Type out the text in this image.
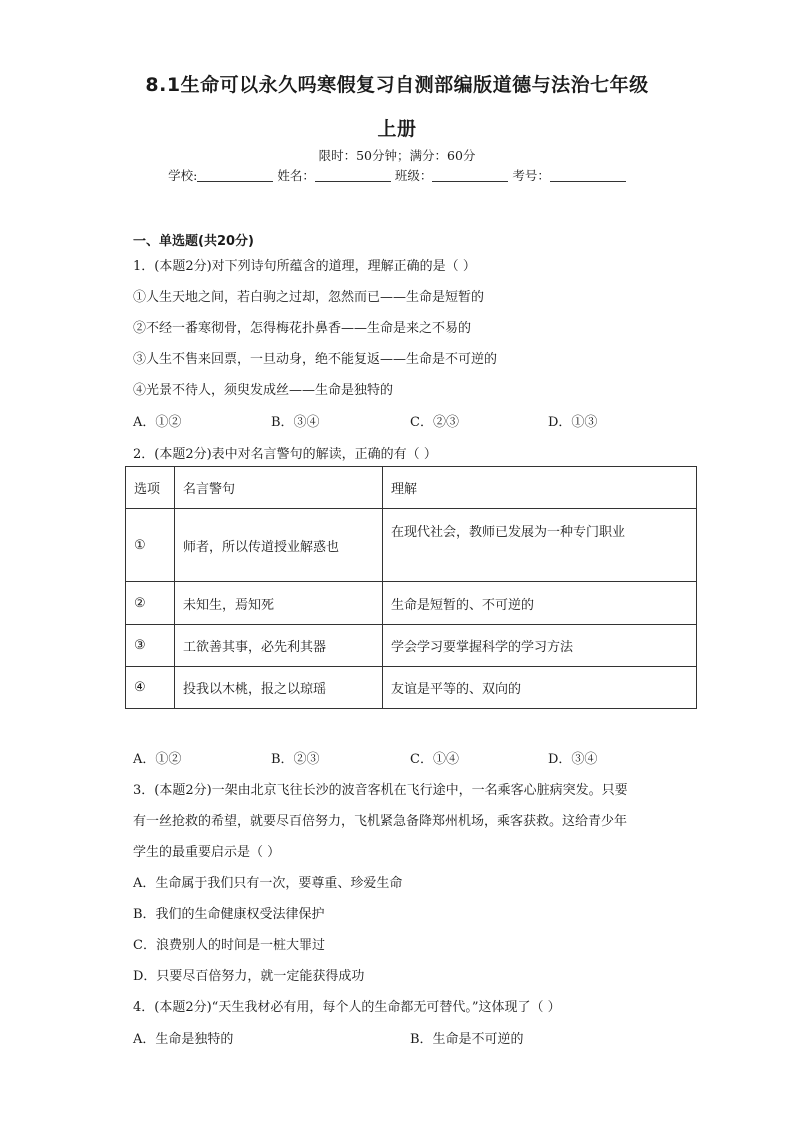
8.1生命可以永久吗寒假复习自测部编版道德与法治七年级
上册
限时：50分钟；满分：60分
学校:	姓名：	班级：	考号：
一、单选题(共20分)
1．(本题2分)对下列诗句所蕴含的道理，理解正确的是（ ）
①人生天地之间，若白驹之过却，忽然而已——生命是短暂的
②不经一番寒彻骨，怎得梅花扑鼻香——生命是来之不易的
③人生不售来回票，一旦动身，绝不能复返——生命是不可逆的
④光景不待人，须臾发成丝——生命是独特的
A．①②	B．③④	C．②③	D．①③
2．(本题2分)表中对名言警句的解读，正确的有（ ）
选项	名言警句	理解
①	师者，所以传道授业解惑也	在现代社会，教师已发展为一种专门职业
②	未知生，焉知死	生命是短暂的、不可逆的
③	工欲善其事，必先利其器	学会学习要掌握科学的学习方法
④	投我以木桃，报之以琼瑶	友谊是平等的、双向的
A．①②	B．②③	C．①④	D．③④
3．(本题2分)一架由北京飞往长沙的波音客机在飞行途中，一名乘客心脏病突发。只要
有一丝抢救的希望，就要尽百倍努力，飞机紧急备降郑州机场，乘客获救。这给青少年
学生的最重要启示是（ ）
A．生命属于我们只有一次，要尊重、珍爱生命
B．我们的生命健康权受法律保护
C．浪费别人的时间是一桩大罪过
D．只要尽百倍努力，就一定能获得成功
4．(本题2分)“天生我材必有用，每个人的生命都无可替代。”这体现了（ ）
A．生命是独特的	B．生命是不可逆的
